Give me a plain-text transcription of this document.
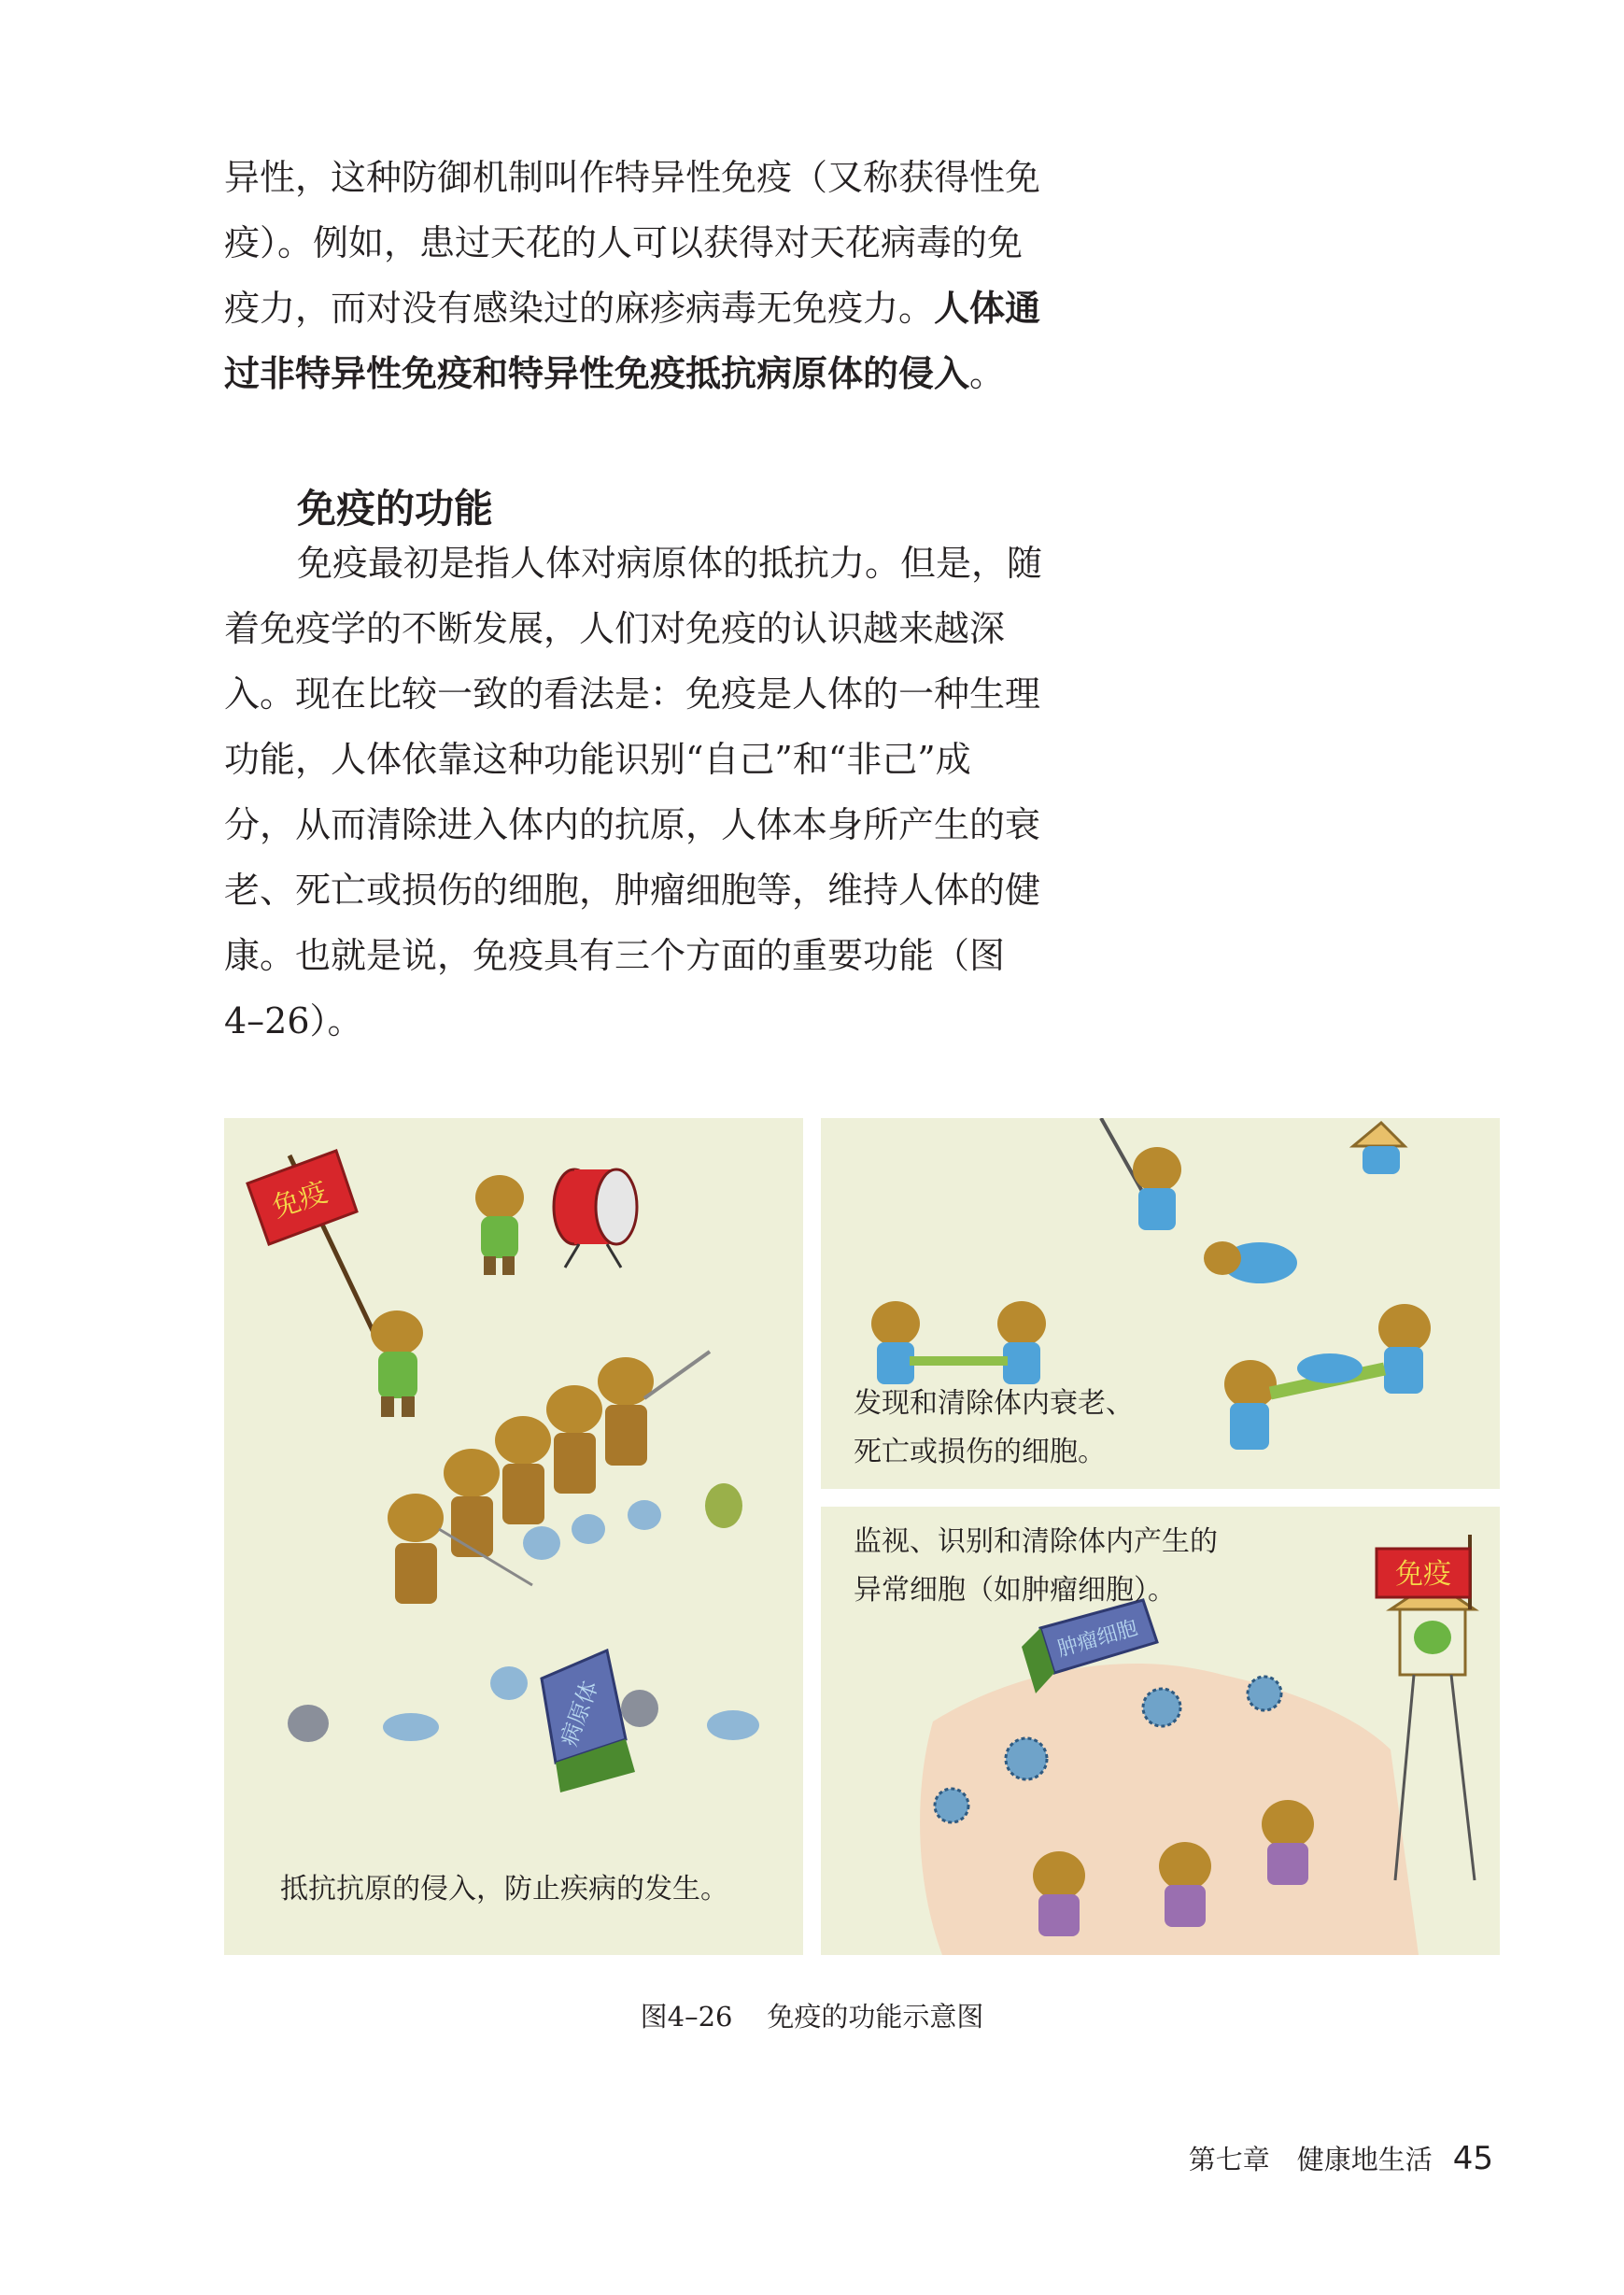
异性，这种防御机制叫作特异性免疫（又称获得性免
疫）。例如，患过天花的人可以获得对天花病毒的免
疫力，而对没有感染过的麻疹病毒无免疫力。人体通
过非特异性免疫和特异性免疫抵抗病原体的侵入。
免疫的功能
免疫最初是指人体对病原体的抵抗力。但是，随
着免疫学的不断发展，人们对免疫的认识越来越深
入。现在比较一致的看法是：免疫是人体的一种生理
功能，人体依靠这种功能识别“自己”和“非己”成
分，从而清除进入体内的抗原，人体本身所产生的衰
老、死亡或损伤的细胞，肿瘤细胞等，维持人体的健
康。也就是说，免疫具有三个方面的重要功能（图
4–26）。
免疫
病原体
抵抗抗原的侵入，防止疾病的发生。
发现和清除体内衰老、
死亡或损伤的细胞。
免疫
肿瘤细胞
监视、识别和清除体内产生的
异常细胞（如肿瘤细胞）。
图4–26 免疫的功能示意图
第七章　健康地生活 45
